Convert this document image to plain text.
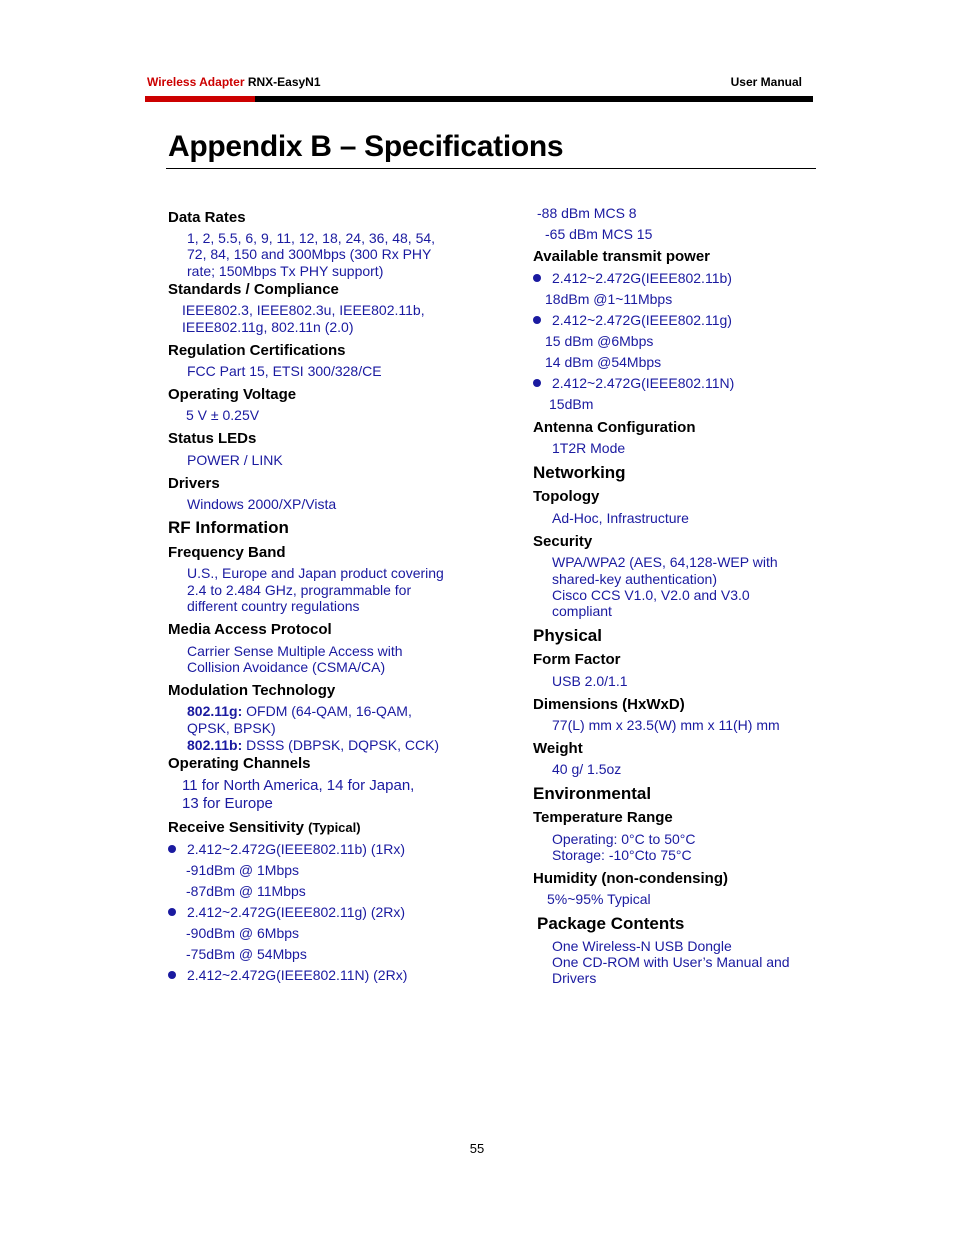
Wireless Adapter RNX-EasyN1	User Manual
Appendix B – Specifications
Data Rates
1, 2, 5.5, 6, 9, 11, 12, 18, 24, 36, 48, 54,
72, 84, 150 and 300Mbps (300 Rx PHY
rate; 150Mbps Tx PHY support)
Standards / Compliance
IEEE802.3, IEEE802.3u, IEEE802.11b,
IEEE802.11g, 802.11n (2.0)
Regulation Certifications
FCC Part 15, ETSI 300/328/CE
Operating Voltage
5 V ± 0.25V
Status LEDs
POWER / LINK
Drivers
Windows 2000/XP/Vista
RF Information
Frequency Band
U.S., Europe and Japan product covering
2.4 to 2.484 GHz, programmable for
different country regulations
Media Access Protocol
Carrier Sense Multiple Access with
Collision Avoidance (CSMA/CA)
Modulation Technology
802.11g: OFDM (64-QAM, 16-QAM,
QPSK, BPSK)
802.11b: DSSS (DBPSK, DQPSK, CCK)
Operating Channels
11 for North America, 14 for Japan,
13 for Europe
Receive Sensitivity (Typical)
2.412~2.472G(IEEE802.11b) (1Rx)
-91dBm @ 1Mbps
-87dBm @ 11Mbps
2.412~2.472G(IEEE802.11g) (2Rx)
-90dBm @ 6Mbps
-75dBm @ 54Mbps
2.412~2.472G(IEEE802.11N) (2Rx)
-88 dBm MCS 8
-65 dBm MCS 15
Available transmit power
2.412~2.472G(IEEE802.11b)
18dBm @1~11Mbps
2.412~2.472G(IEEE802.11g)
15 dBm @6Mbps
14 dBm @54Mbps
2.412~2.472G(IEEE802.11N)
15dBm
Antenna Configuration
1T2R Mode
Networking
Topology
Ad-Hoc, Infrastructure
Security
WPA/WPA2 (AES, 64,128-WEP with
shared-key authentication)
Cisco CCS V1.0, V2.0 and V3.0
compliant
Physical
Form Factor
USB 2.0/1.1
Dimensions (HxWxD)
77(L) mm x 23.5(W) mm x 11(H) mm
Weight
40 g/ 1.5oz
Environmental
Temperature Range
Operating: 0°C to 50°C
Storage: -10°Cto 75°C
Humidity (non-condensing)
5%~95% Typical
Package Contents
One Wireless-N USB Dongle
One CD-ROM with User’s Manual and
Drivers
55
